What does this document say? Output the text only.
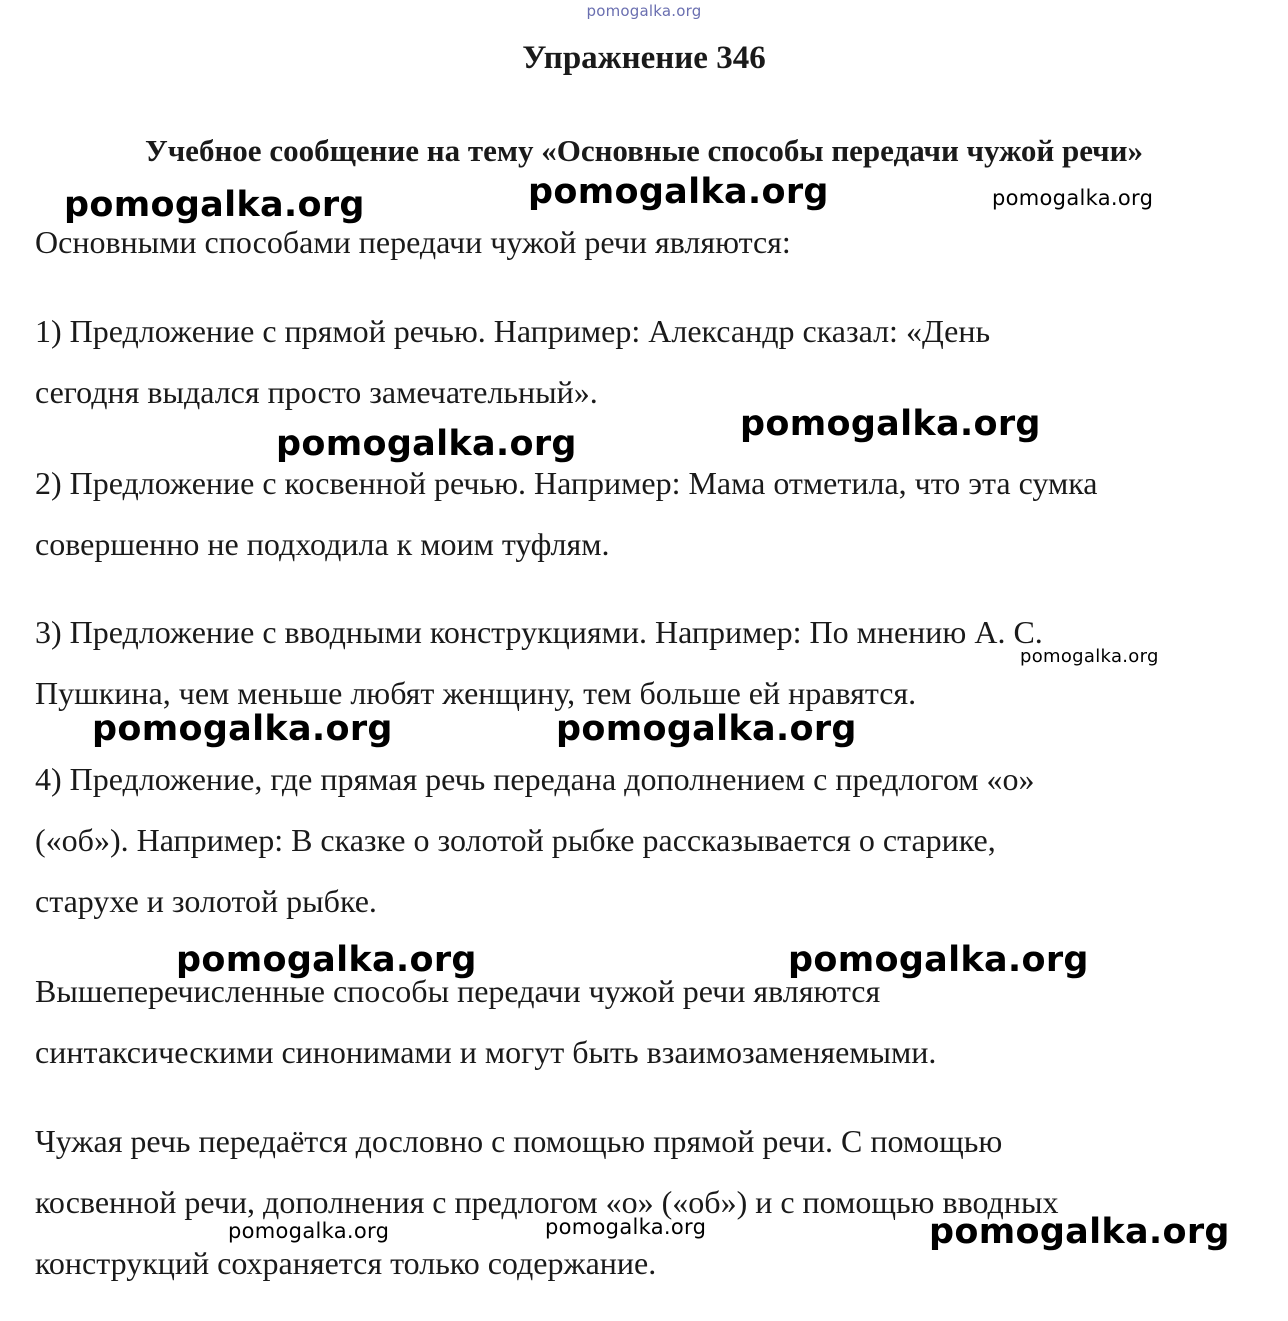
pomogalka.org
Упражнение 346
Учебное сообщение на тему «Основные способы передачи чужой речи»

Основными способами передачи чужой речи являются:

1) Предложение с прямой речью. Например: Александр сказал: «День

сегодня выдался просто замечательный».

2) Предложение с косвенной речью. Например: Мама отметила, что эта сумка

совершенно не подходила к моим туфлям.

3) Предложение с вводными конструкциями. Например: По мнению А. С.

Пушкина, чем меньше любят женщину, тем больше ей нравятся.

4) Предложение, где прямая речь передана дополнением с предлогом «о»

(«об»). Например: В сказке о золотой рыбке рассказывается о старике,

старухе и золотой рыбке.

Вышеперечисленные способы передачи чужой речи являются

синтаксическими синонимами и могут быть взаимозаменяемыми.

Чужая речь передаётся дословно с помощью прямой речи. С помощью

косвенной речи, дополнения с предлогом «о» («об») и с помощью вводных

конструкций сохраняется только содержание.

pomogalka.org	pomogalka.org	pomogalka.org
pomogalka.org	pomogalka.org
pomogalka.org
pomogalka.org	pomogalka.org
pomogalka.org	pomogalka.org
pomogalka.org	pomogalka.org	pomogalka.org
